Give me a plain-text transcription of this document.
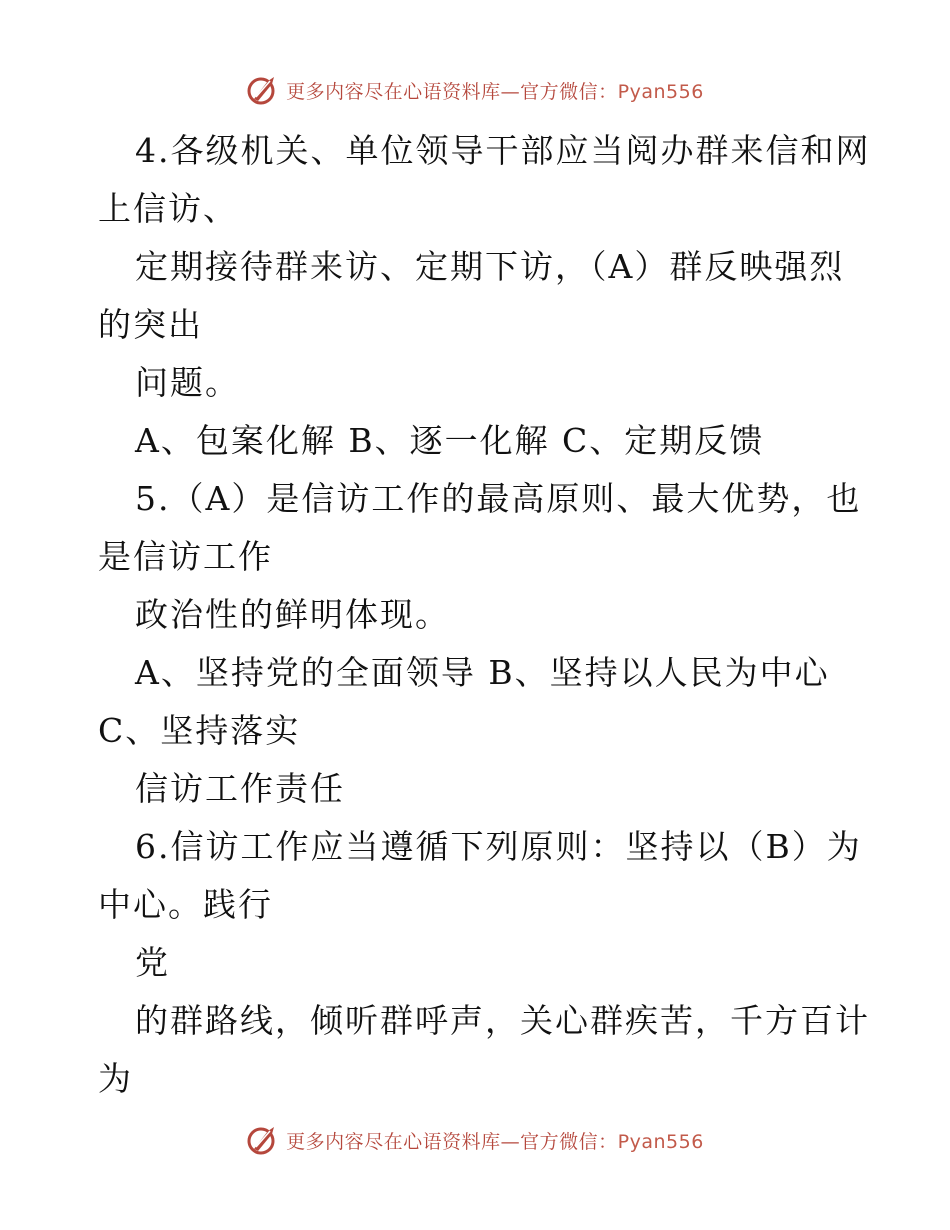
更多内容尽在心语资料库—官方微信：Pyan556
4.各级机关、单位领导干部应当阅办群来信和网
上信访、
定期接待群来访、定期下访，（A）群反映强烈
的突出
问题。
A、包案化解 B、逐一化解 C、定期反馈
5.（A）是信访工作的最高原则、最大优势，也
是信访工作
政治性的鲜明体现。
A、坚持党的全面领导 B、坚持以人民为中心
C、坚持落实
信访工作责任
6.信访工作应当遵循下列原则：坚持以（B）为
中心。践行
党
的群路线，倾听群呼声，关心群疾苦，千方百计
为
更多内容尽在心语资料库—官方微信：Pyan556
